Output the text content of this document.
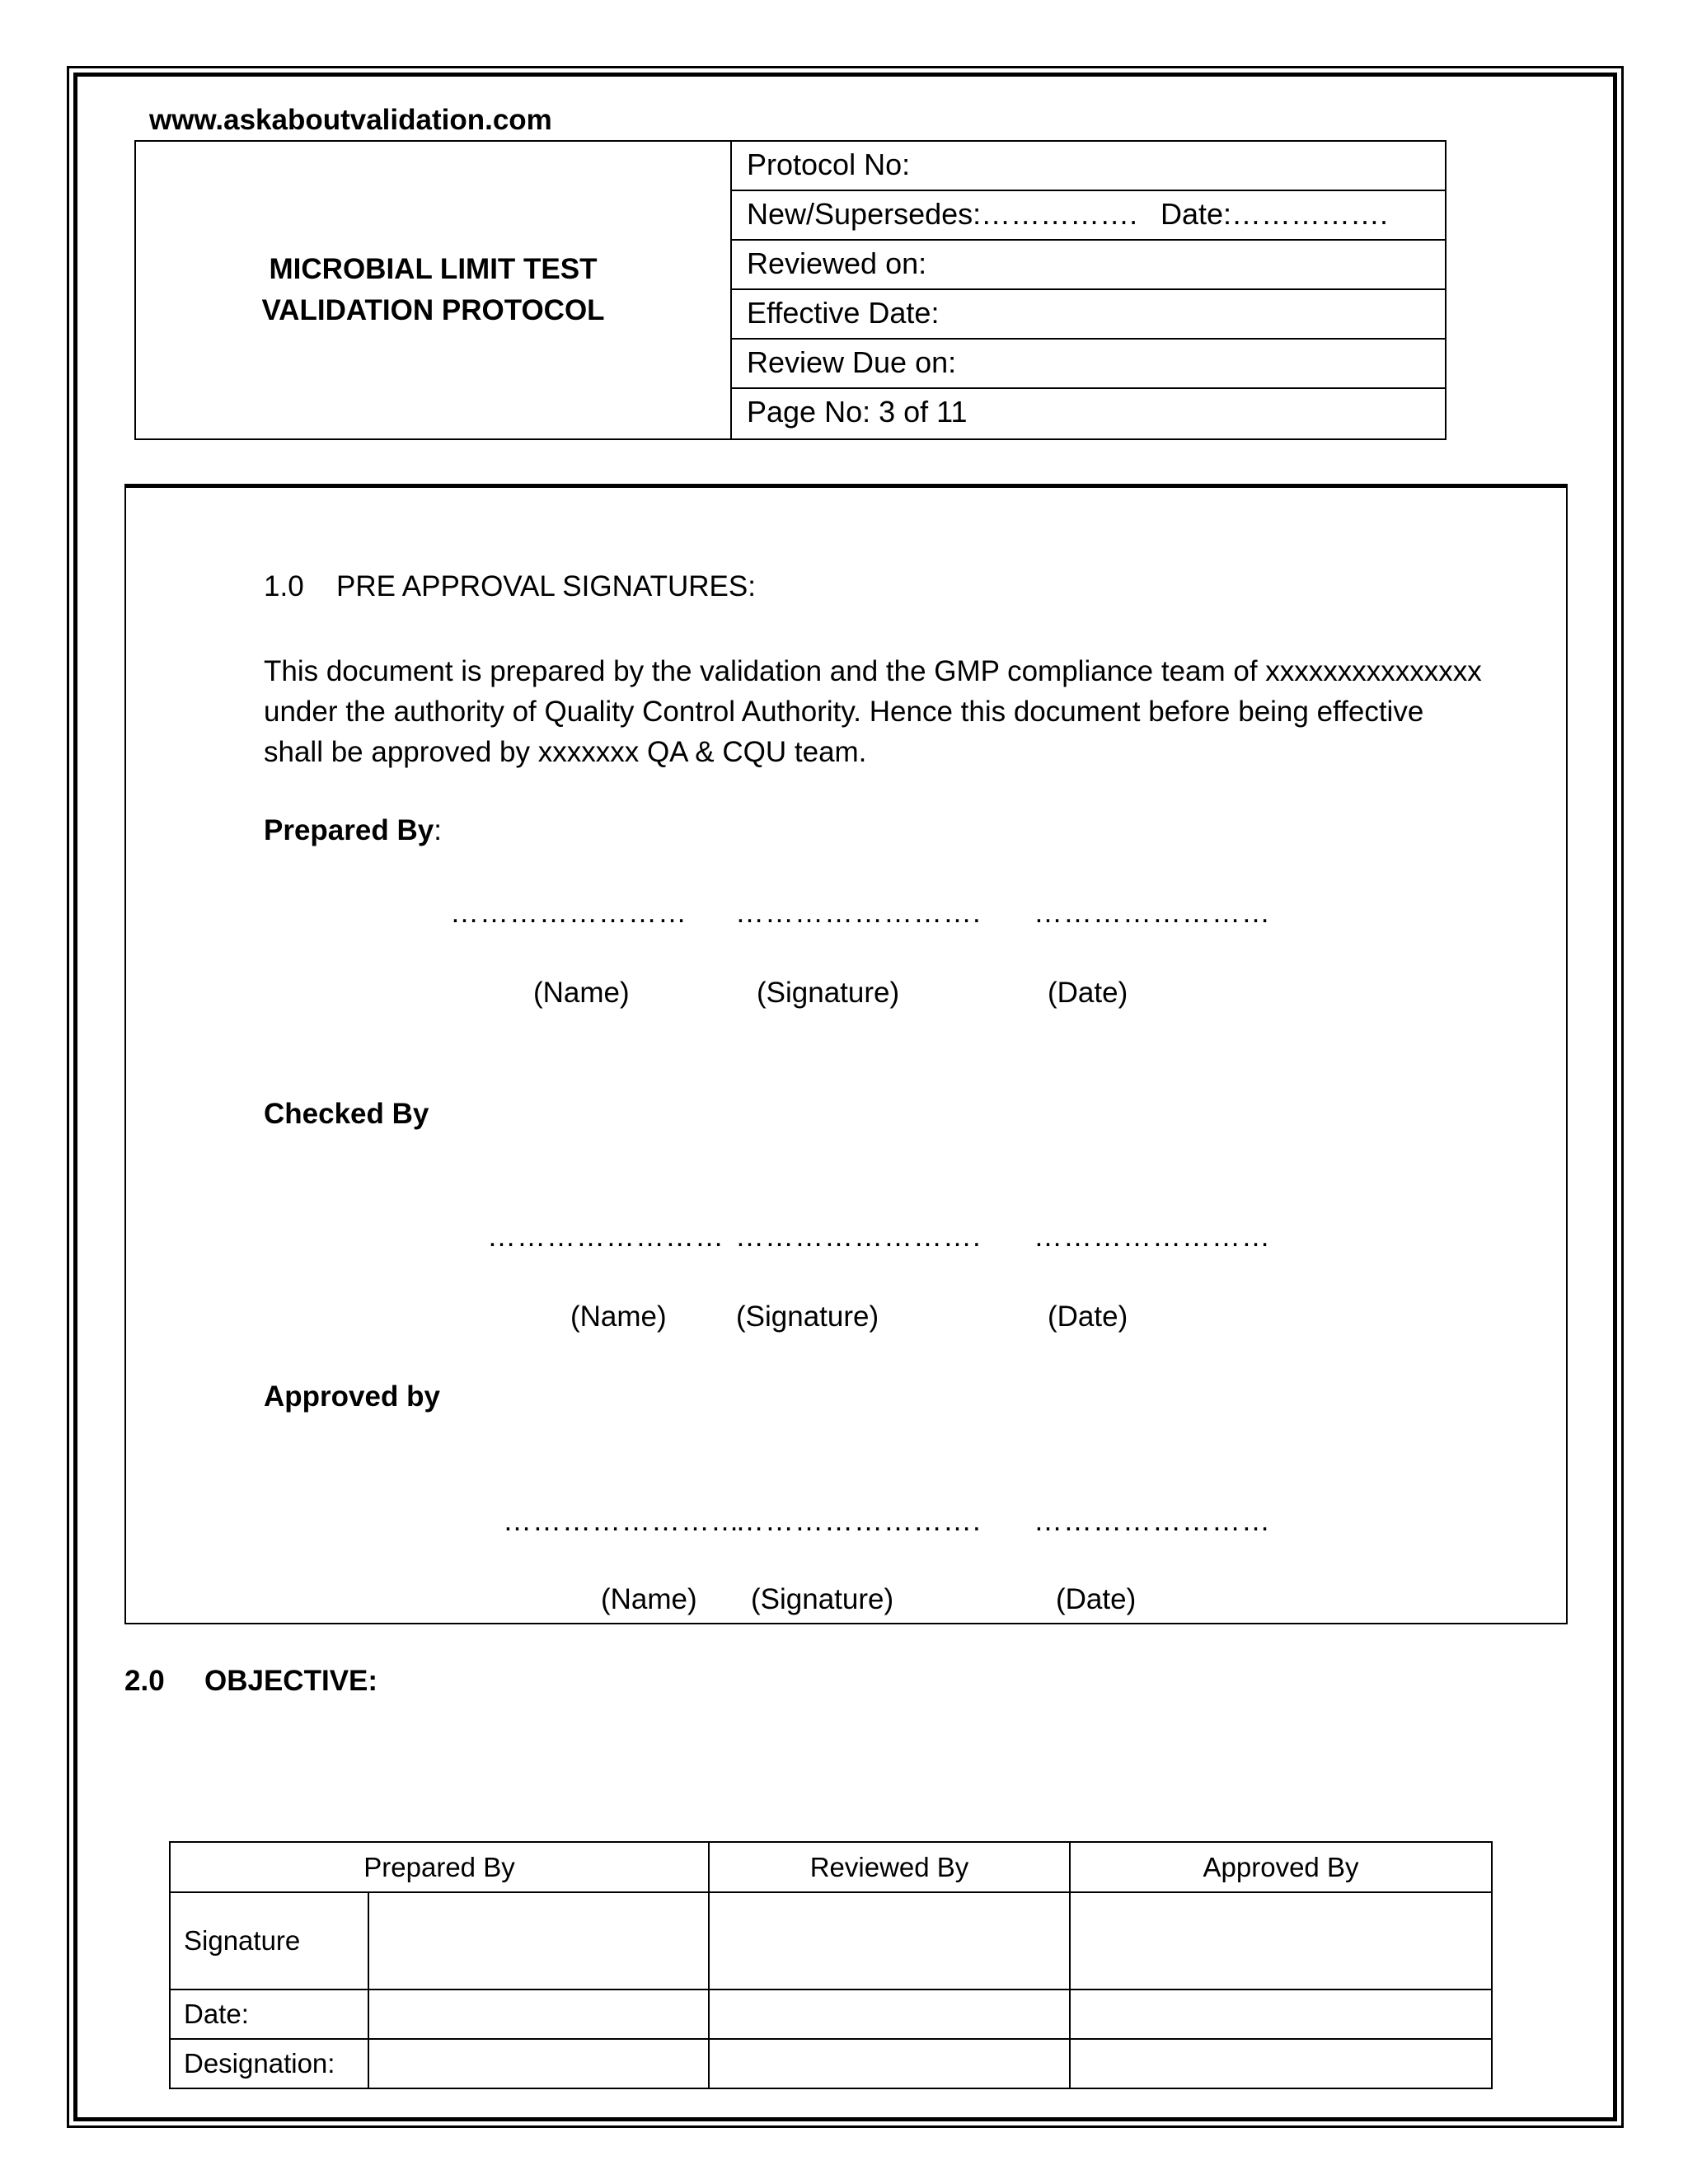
www.askaboutvalidation.com
MICROBIAL LIMIT TEST VALIDATION PROTOCOL
Protocol No:
New/Supersedes:……………. Date:…………….
Reviewed on:
Effective Date:
Review Due on:
Page No: 3 of 11
1.0 PRE APPROVAL SIGNATURES:
This document is prepared by the validation and the GMP compliance team of xxxxxxxxxxxxxxx
under the authority of Quality Control Authority. Hence this document before being effective
shall be approved by xxxxxxx QA & CQU team.
Prepared By:
…………………… ……………………. ……………………
(Name)	(Signature)	(Date)
Checked By
…………………… ……………………. ……………………
(Name) (Signature)	(Date)
Approved by
……………………
……………………. ……………………
(Name) (Signature)	(Date)
2.0 OBJECTIVE:
Prepared By		Reviewed By	Approved By
Signature			
Date:			
Designation:			
